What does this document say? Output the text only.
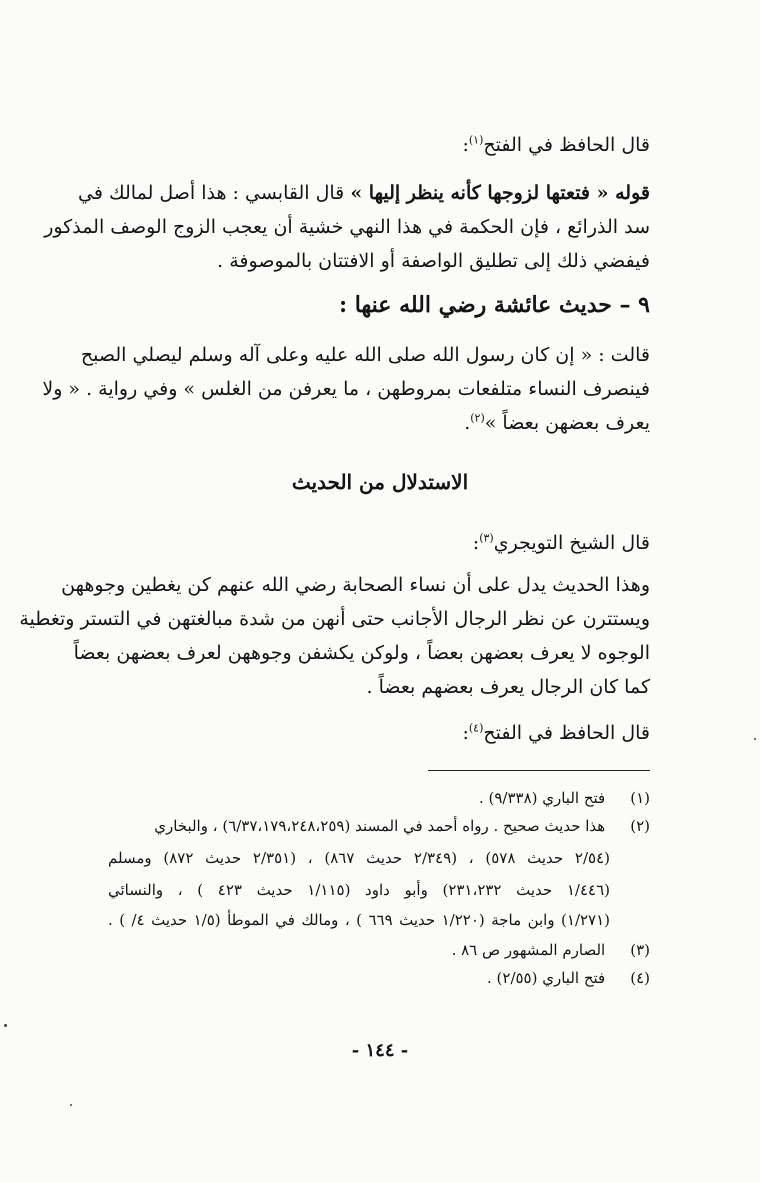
قال الحافظ في الفتح$^{(١)}$:
قوله « فتعتها لزوجها كأنه ينظر إليها » قال القابسي : هذا أصل لمالك في
سد الذرائع ، فإن الحكمة في هذا النهي خشية أن يعجب الزوج الوصف المذكور
فيفضي ذلك إلى تطليق الواصفة أو الافتتان بالموصوفة .
٩ – حديث عائشة رضي الله عنها :
قالت : « إن كان رسول الله صلى الله عليه وعلى آله وسلم ليصلي الصبح
فينصرف النساء متلفعات بمروطهن ، ما يعرفن من الغلس » وفي رواية . « ولا
يعرف بعضهن بعضاً »$^{(٢)}$.
الاستدلال من الحديث
قال الشيخ التويجري$^{(٣)}$:
وهذا الحديث يدل على أن نساء الصحابة رضي الله عنهم كن يغطين وجوههن
ويستترن عن نظر الرجال الأجانب حتى أنهن من شدة مبالغتهن في التستر وتغطية
الوجوه لا يعرف بعضهن بعضاً ، ولوكن يكشفن وجوههن لعرف بعضهن بعضاً
كما كان الرجال يعرف بعضهم بعضاً .
قال الحافظ في الفتح$^{(٤)}$:
(١) فتح الباري (٩/٣٣٨) .
(٢) هذا حديث صحيح . رواه أحمد في المسند (٦/٣٧،١٧٩،٢٤٨،٢٥٩) ، والبخاري
(٢/٥٤ حديث ٥٧٨) ، (٢/٣٤٩ حديث ٨٦٧) ، (٢/٣٥١ حديث ٨٧٢) ومسلم
(١/٤٤٦ حديث ٢٣١،٢٣٢) وأبو داود (١/١١٥ حديث ٤٢٣ ) ، والنسائي
(١/٢٧١) وابن ماجة (١/٢٢٠ حديث ٦٦٩ ) ، ومالك في الموطأ (١/٥ حديث ٤/ ) .
(٣) الصارم المشهور ص ٨٦ .
(٤) فتح الباري (٢/٥٥) .
- ١٤٤ -
